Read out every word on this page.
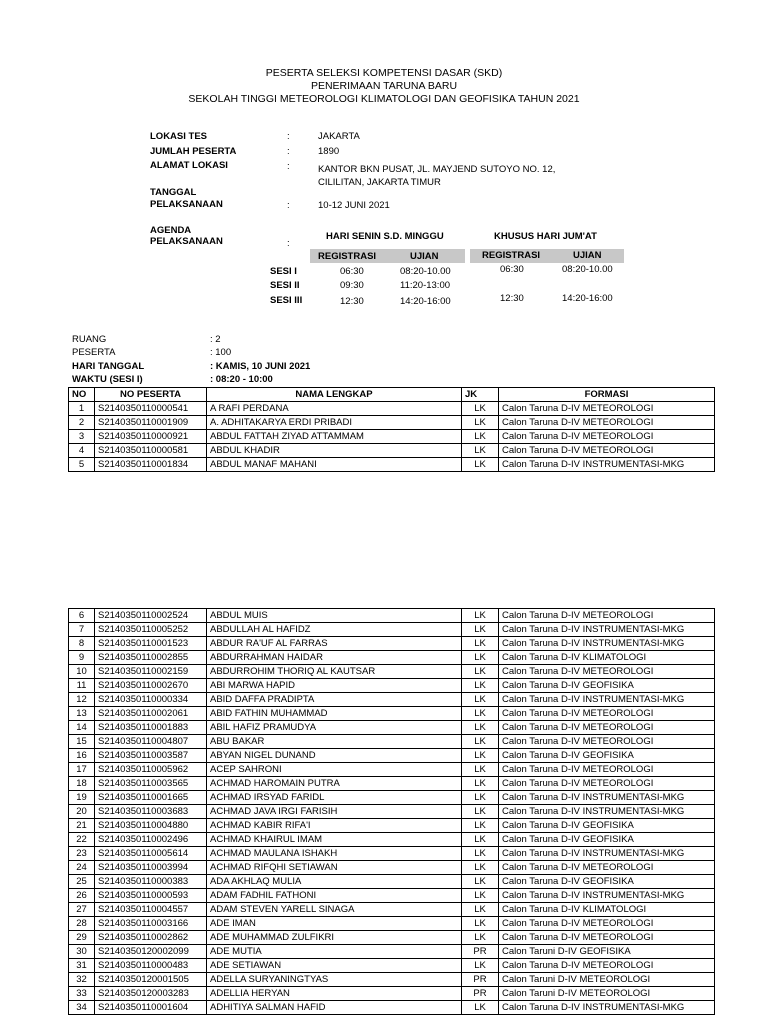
PESERTA SELEKSI KOMPETENSI DASAR (SKD)
PENERIMAAN TARUNA BARU
SEKOLAH TINGGI METEOROLOGI KLIMATOLOGI DAN GEOFISIKA TAHUN 2021
LOKASI TES	:	JAKARTA
JUMLAH PESERTA	:	1890
ALAMAT LOKASI	:	KANTOR BKN PUSAT, JL. MAYJEND SUTOYO NO. 12,
CILILITAN, JAKARTA TIMUR
TANGGAL
PELAKSANAAN	:	10-12 JUNI 2021
AGENDA
PELAKSANAAN	:
HARI SENIN S.D. MINGGU	KHUSUS HARI JUM'AT
REGISTRASI	UJIAN	REGISTRASI	UJIAN
SESI I	06:30	08:20-10.00	06:30	08:20-10.00
SESI II	09:30	11:20-13:00
SESI III	12:30	14:20-16:00	12:30	14:20-16:00
RUANG	: 2
PESERTA	: 100
HARI TANGGAL	: KAMIS, 10 JUNI 2021
WAKTU (SESI I)	: 08:20 - 10:00
NO	NO PESERTA	NAMA LENGKAP	JK	FORMASI
1	S2140350110000541	A RAFI PERDANA	LK	Calon Taruna D-IV METEOROLOGI
2	S2140350110001909	A. ADHITAKARYA ERDI PRIBADI	LK	Calon Taruna D-IV METEOROLOGI
3	S2140350110000921	ABDUL FATTAH ZIYAD ATTAMMAM	LK	Calon Taruna D-IV METEOROLOGI
4	S2140350110000581	ABDUL KHADIR	LK	Calon Taruna D-IV METEOROLOGI
5	S2140350110001834	ABDUL MANAF MAHANI	LK	Calon Taruna D-IV INSTRUMENTASI-MKG
6	S2140350110002524	ABDUL MUIS	LK	Calon Taruna D-IV METEOROLOGI
7	S2140350110005252	ABDULLAH AL HAFIDZ	LK	Calon Taruna D-IV INSTRUMENTASI-MKG
8	S2140350110001523	ABDUR RA'UF AL FARRAS	LK	Calon Taruna D-IV INSTRUMENTASI-MKG
9	S2140350110002855	ABDURRAHMAN HAIDAR	LK	Calon Taruna D-IV KLIMATOLOGI
10	S2140350110002159	ABDURROHIM THORIQ AL KAUTSAR	LK	Calon Taruna D-IV METEOROLOGI
11	S2140350110002670	ABI MARWA HAPID	LK	Calon Taruna D-IV GEOFISIKA
12	S2140350110000334	ABID DAFFA PRADIPTA	LK	Calon Taruna D-IV INSTRUMENTASI-MKG
13	S2140350110002061	ABID FATHIN MUHAMMAD	LK	Calon Taruna D-IV METEOROLOGI
14	S2140350110001883	ABIL HAFIZ PRAMUDYA	LK	Calon Taruna D-IV METEOROLOGI
15	S2140350110004807	ABU BAKAR	LK	Calon Taruna D-IV METEOROLOGI
16	S2140350110003587	ABYAN NIGEL DUNAND	LK	Calon Taruna D-IV GEOFISIKA
17	S2140350110005962	ACEP SAHRONI	LK	Calon Taruna D-IV METEOROLOGI
18	S2140350110003565	ACHMAD HAROMAIN PUTRA	LK	Calon Taruna D-IV METEOROLOGI
19	S2140350110001665	ACHMAD IRSYAD FARIDL	LK	Calon Taruna D-IV INSTRUMENTASI-MKG
20	S2140350110003683	ACHMAD JAVA IRGI FARISIH	LK	Calon Taruna D-IV INSTRUMENTASI-MKG
21	S2140350110004880	ACHMAD KABIR RIFA'I	LK	Calon Taruna D-IV GEOFISIKA
22	S2140350110002496	ACHMAD KHAIRUL IMAM	LK	Calon Taruna D-IV GEOFISIKA
23	S2140350110005614	ACHMAD MAULANA ISHAKH	LK	Calon Taruna D-IV INSTRUMENTASI-MKG
24	S2140350110003994	ACHMAD RIFQHI SETIAWAN	LK	Calon Taruna D-IV METEOROLOGI
25	S2140350110000383	ADA AKHLAQ MULIA	LK	Calon Taruna D-IV GEOFISIKA
26	S2140350110000593	ADAM FADHIL FATHONI	LK	Calon Taruna D-IV INSTRUMENTASI-MKG
27	S2140350110004557	ADAM STEVEN YARELL SINAGA	LK	Calon Taruna D-IV KLIMATOLOGI
28	S2140350110003166	ADE IMAN	LK	Calon Taruna D-IV METEOROLOGI
29	S2140350110002862	ADE MUHAMMAD ZULFIKRI	LK	Calon Taruna D-IV METEOROLOGI
30	S2140350120002099	ADE MUTIA	PR	Calon Taruni D-IV GEOFISIKA
31	S2140350110000483	ADE SETIAWAN	LK	Calon Taruna D-IV METEOROLOGI
32	S2140350120001505	ADELLA SURYANINGTYAS	PR	Calon Taruni D-IV METEOROLOGI
33	S2140350120003283	ADELLIA HERYAN	PR	Calon Taruni D-IV METEOROLOGI
34	S2140350110001604	ADHITIYA SALMAN HAFID	LK	Calon Taruna D-IV INSTRUMENTASI-MKG
